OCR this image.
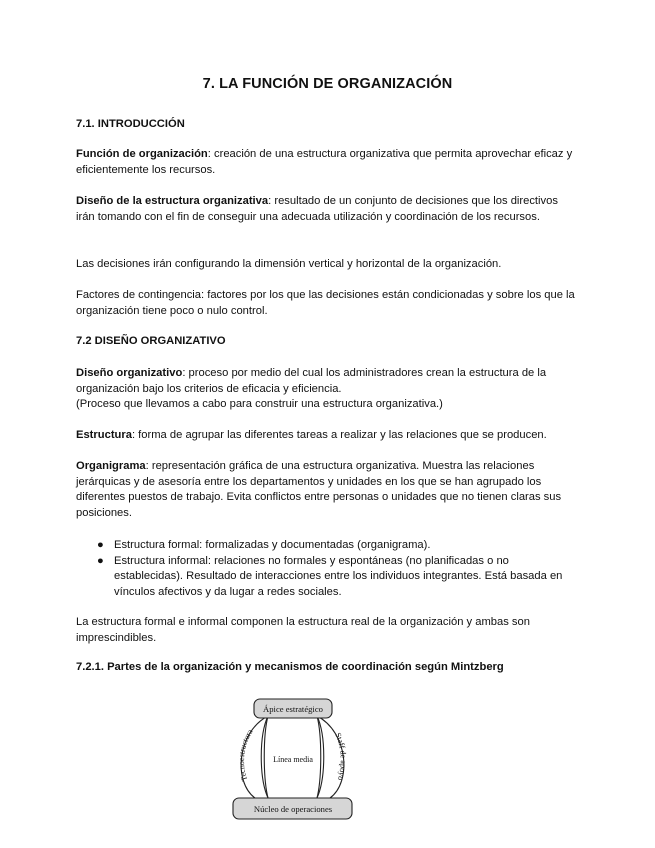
7. LA FUNCIÓN DE ORGANIZACIÓN
7.1. INTRODUCCIÓN
Función de organización: creación de una estructura organizativa que permita aprovechar eficaz y eficientemente los recursos.
Diseño de la estructura organizativa: resultado de un conjunto de decisiones que los directivos irán tomando con el fin de conseguir una adecuada utilización y coordinación de los recursos.
Las decisiones irán configurando la dimensión vertical y horizontal de la organización.
Factores de contingencia: factores por los que las decisiones están condicionadas y sobre los que la organización tiene poco o nulo control.
7.2 DISEÑO ORGANIZATIVO
Diseño organizativo: proceso por medio del cual los administradores crean la estructura de la organización bajo los criterios de eficacia y eficiencia.
(Proceso que llevamos a cabo para construir una estructura organizativa.)
Estructura: forma de agrupar las diferentes tareas a realizar y las relaciones que se producen.
Organigrama: representación gráfica de una estructura organizativa. Muestra las relaciones jerárquicas y de asesoría entre los departamentos y unidades en los que se han agrupado los diferentes puestos de trabajo. Evita conflictos entre personas o unidades que no tienen claras sus posiciones.
● Estructura formal: formalizadas y documentadas (organigrama).
● Estructura informal: relaciones no formales y espontáneas (no planificadas o no establecidas). Resultado de interacciones entre los individuos integrantes. Está basada en vínculos afectivos y da lugar a redes sociales.
La estructura formal e informal componen la estructura real de la organización y ambas son imprescindibles.
7.2.1. Partes de la organización y mecanismos de coordinación según Mintzberg
Ápice estratégico
Línea media
Núcleo de operaciones
Tecnoestructura	Staff de apoyo
